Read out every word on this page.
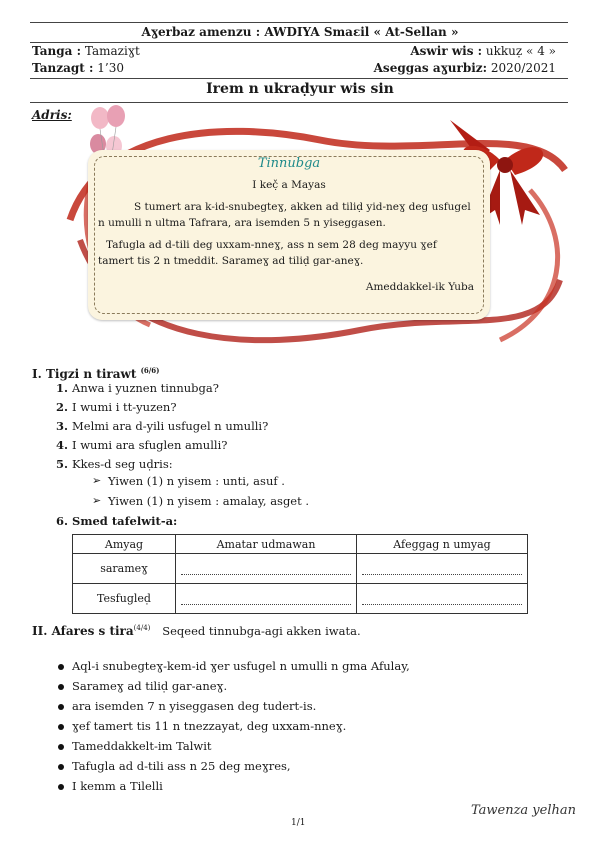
Aɣerbaz amenzu : AWDIYA Smaɛil « At-Sellan »
Tanga : Tamaziɣt	Aswir wis : ukkuẓ « 4 »
Tanzagt : 1’30	Aseggas aɣurbiz: 2020/2021
Irem n ukraḍyur wis sin
Adris:
Tinnubga
I keč̣ a Mayas
S tumert ara k-id-snubegteɣ, akken ad tiliḍ yid-neɣ deg usfugel
n umulli n ultma Tafrara, ara isemden 5 n yiseggasen.
Tafugla ad d-tili deg uxxam-nneɣ, ass n sem 28 deg mayyu ɣef
tamert tis 2 n tmeddit. Sarameɣ ad tiliḍ gar-aneɣ.
Ameddakkel-ik Yuba
I. Tigzi n tirawt $^{(6/6)}$
1. Anwa i yuznen tinnubga?
2. I wumi i tt-yuzen?
3. Melmi ara d-yili usfugel n umulli?
4. I wumi ara sfuglen amulli?
5. Kkes-d seg uḍris:
➢ Yiwen (1) n yisem : unti, asuf .
➢ Yiwen (1) n yisem : amalay, asget .
6. Smed tafelwit-a:
Amyag	Amatar udmawan	Afeggag n umyag
sarameɣ	

Tesfugleḍ	

II. Afares s tira$^{(4/4)}$ Seqeed tinnubga-agi akken iwata.
Aql-i snubegteɣ-kem-id ɣer usfugel n umulli n gma Afulay,
Sarameɣ ad tiliḍ gar-aneɣ.
ara isemden 7 n yiseggasen deg tudert-is.
ɣef tamert tis 11 n tnezzayat, deg uxxam-nneɣ.
Tameddakkelt-im Talwit
Tafugla ad d-tili ass n 25 deg meɣres,
I kemm a Tilelli
Tawenza yelhan
1/1
